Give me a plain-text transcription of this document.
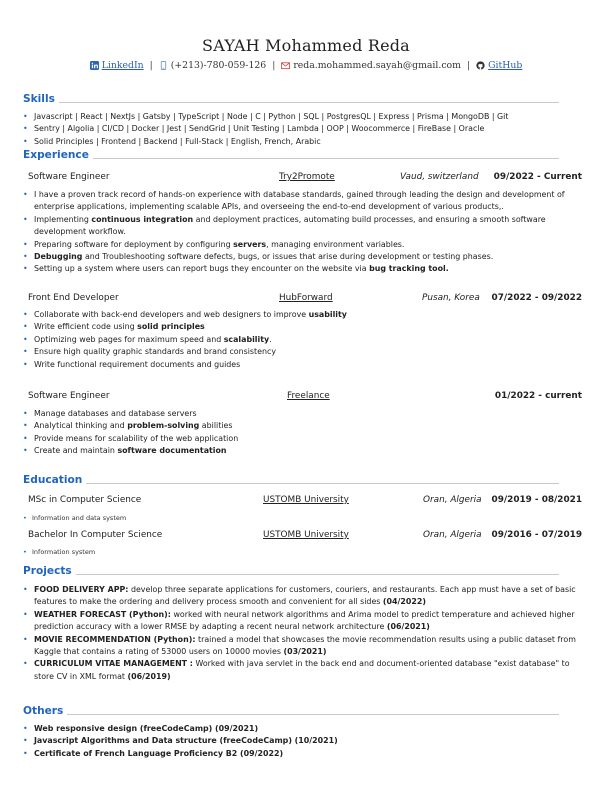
SAYAH Mohammed Reda
LinkedIn | (+213)-780-059-126 | reda.mohammed.sayah@gmail.com | GitHub
Skills
• Javascript | React | NextJs | Gatsby | TypeScript | Node | C | Python | SQL | PostgresQL | Express | Prisma | MongoDB | Git
• Sentry | Algolia | CI/CD | Docker | Jest | SendGrid | Unit Testing | Lambda | OOP | Woocommerce | FireBase | Oracle
• Solid Principles | Frontend | Backend | Full-Stack | English, French, Arabic
Experience
Software Engineer	Try2Promote	Vaud, switzerland 09/2022 - Current
• I have a proven track record of hands-on experience with database standards, gained through leading the design and development of enterprise applications, implementing scalable APIs, and overseeing the end-to-end development of various products,.
• Implementing continuous integration and deployment practices, automating build processes, and ensuring a smooth software development workflow.
• Preparing software for deployment by configuring servers, managing environment variables.
• Debugging and Troubleshooting software defects, bugs, or issues that arise during development or testing phases.
• Setting up a system where users can report bugs they encounter on the website via bug tracking tool.
Front End Developer	HubForward	Pusan, Korea 07/2022 - 09/2022
• Collaborate with back-end developers and web designers to improve usability
• Write efficient code using solid principles
• Optimizing web pages for maximum speed and scalability.
• Ensure high quality graphic standards and brand consistency
• Write functional requirement documents and guides
Software Engineer	Freelance	01/2022 - current
• Manage databases and database servers
• Analytical thinking and problem-solving abilities
• Provide means for scalability of the web application
• Create and maintain software documentation
Education
MSc in Computer Science	USTOMB University	Oran, Algeria 09/2019 - 08/2021
• Information and data system
Bachelor In Computer Science	USTOMB University	Oran, Algeria 09/2016 - 07/2019
• Information system
Projects
• FOOD DELIVERY APP: develop three separate applications for customers, couriers, and restaurants. Each app must have a set of basic features to make the ordering and delivery process smooth and convenient for all sides (04/2022)
• WEATHER FORECAST (Python): worked with neural network algorithms and Arima model to predict temperature and achieved higher prediction accuracy with a lower RMSE by adapting a recent neural network architecture (06/2021)
• MOVIE RECOMMENDATION (Python): trained a model that showcases the movie recommendation results using a public dataset from Kaggle that contains a rating of 53000 users on 10000 movies (03/2021)
• CURRICULUM VITAE MANAGEMENT : Worked with java servlet in the back end and document-oriented database "exist database" to store CV in XML format (06/2019)
Others
• Web responsive design (freeCodeCamp) (09/2021)
• Javascript Algorithms and Data structure (freeCodeCamp) (10/2021)
• Certificate of French Language Proficiency B2 (09/2022)
